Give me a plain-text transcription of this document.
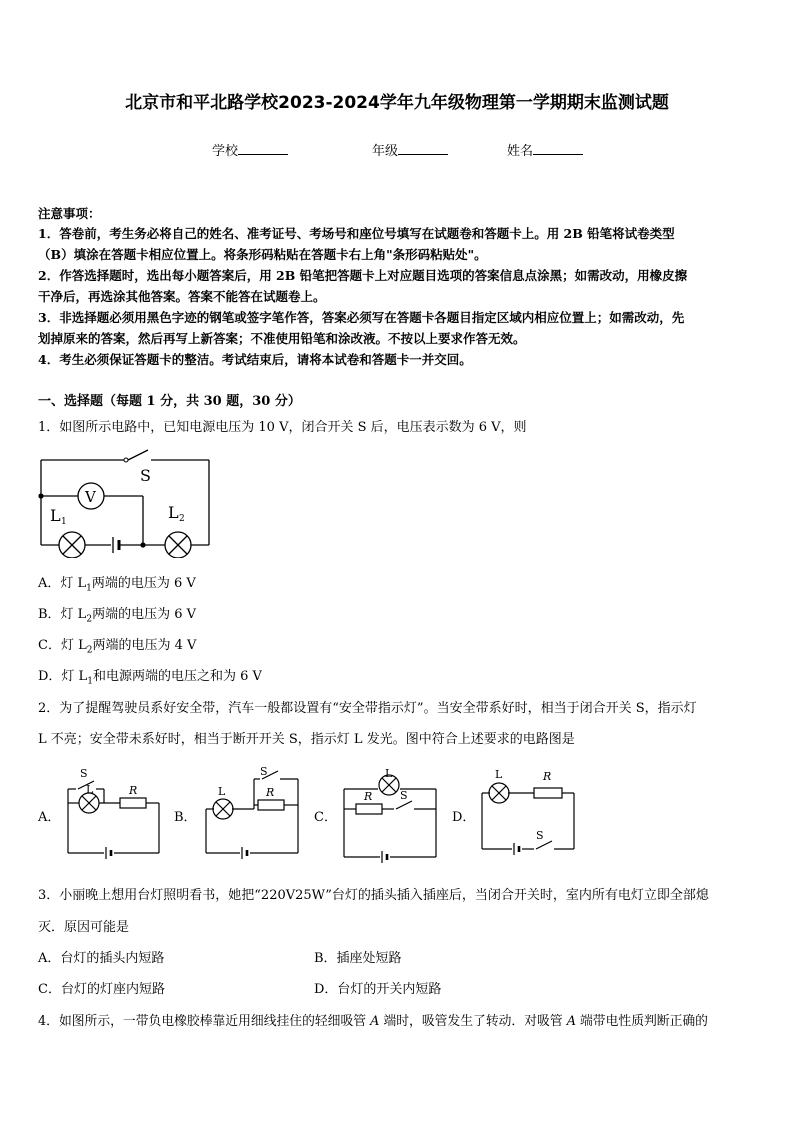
北京市和平北路学校2023-2024学年九年级物理第一学期期末监测试题
学校	年级	姓名
注意事项：
1．答卷前，考生务必将自己的姓名、准考证号、考场号和座位号填写在试题卷和答题卡上。用 2B 铅笔将试卷类型
（B）填涂在答题卡相应位置上。将条形码粘贴在答题卡右上角"条形码粘贴处"。
2．作答选择题时，选出每小题答案后，用 2B 铅笔把答题卡上对应题目选项的答案信息点涂黑；如需改动，用橡皮擦
干净后，再选涂其他答案。答案不能答在试题卷上。
3．非选择题必须用黑色字迹的钢笔或签字笔作答，答案必须写在答题卡各题目指定区域内相应位置上；如需改动，先
划掉原来的答案，然后再写上新答案；不准使用铅笔和涂改液。不按以上要求作答无效。
4．考生必须保证答题卡的整洁。考试结束后，请将本试卷和答题卡一并交回。
一、选择题（每题 1 分，共 30 题，30 分）
1．如图所示电路中，已知电源电压为 10 V，闭合开关 S 后，电压表示数为 6 V，则
S
V
L 1	L 2
A．灯 $L_1$两端的电压为 6 V
B．灯 $L_2$两端的电压为 6 V
C．灯 $L_2$两端的电压为 4 V
D．灯 $L_1$和电源两端的电压之和为 6 V
2．为了提醒驾驶员系好安全带，汽车一般都设置有“安全带指示灯”。当安全带系好时，相当于闭合开关 S，指示灯
L 不亮；安全带未系好时，相当于断开开关 S，指示灯 L 发光。图中符合上述要求的电路图是
A．
S
L	R
B．
S
L	R
C．
L
R	S
D．
L	R
S
3．小丽晚上想用台灯照明看书，她把“220V25W”台灯的插头插入插座后，当闭合开关时，室内所有电灯立即全部熄
灭．原因可能是
A．台灯的插头内短路	B．插座处短路
C．台灯的灯座内短路	D．台灯的开关内短路
4．如图所示，一带负电橡胶棒靠近用细线挂住的轻细吸管 A 端时，吸管发生了转动．对吸管 A 端带电性质判断正确的
